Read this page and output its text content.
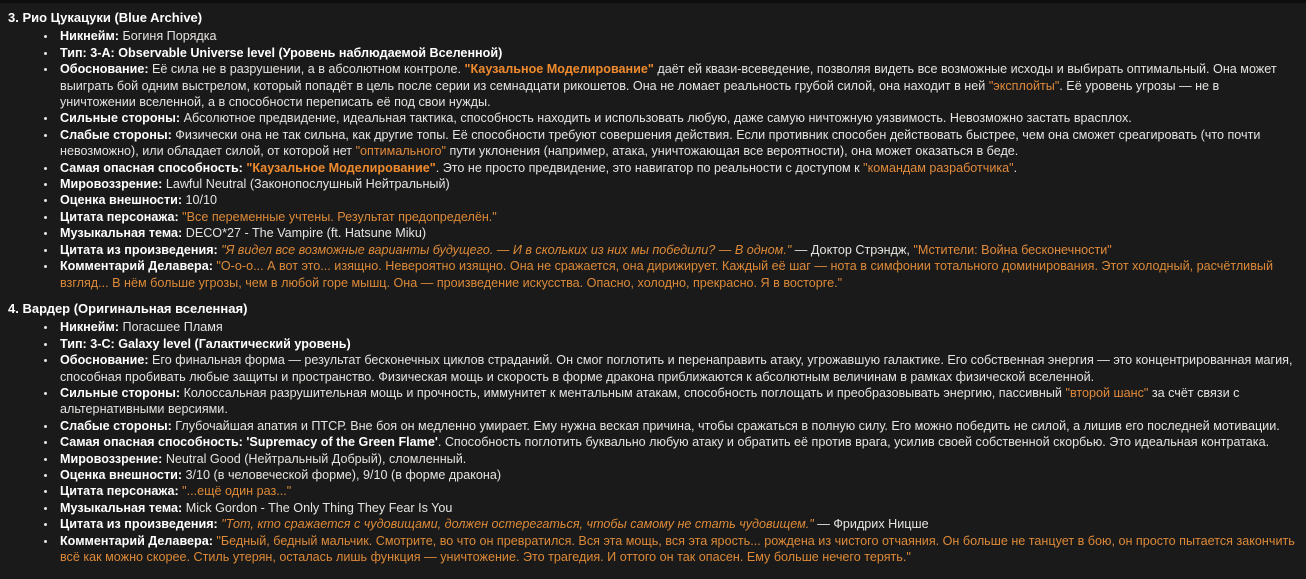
3. Рио Цукацуки (Blue Archive)
• Никнейм: Богиня Порядка
• Тип: 3-A: Observable Universe level (Уровень наблюдаемой Вселенной)
• Обоснование: Её сила не в разрушении, а в абсолютном контроле. "Каузальное Моделирование" даёт ей квази-всеведение, позволяя видеть все возможные исходы и выбирать оптимальный. Она может выиграть бой одним выстрелом, который попадёт в цель после серии из семнадцати рикошетов. Она не ломает реальность грубой силой, она находит в ней "эксплойты". Её уровень угрозы — не в уничтожении вселенной, а в способности переписать её под свои нужды.
• Сильные стороны: Абсолютное предвидение, идеальная тактика, способность находить и использовать любую, даже самую ничтожную уязвимость. Невозможно застать врасплох.
• Слабые стороны: Физически она не так сильна, как другие топы. Её способности требуют совершения действия. Если противник способен действовать быстрее, чем она сможет среагировать (что почти невозможно), или обладает силой, от которой нет "оптимального" пути уклонения (например, атака, уничтожающая все вероятности), она может оказаться в беде.
• Самая опасная способность: "Каузальное Моделирование". Это не просто предвидение, это навигатор по реальности с доступом к "командам разработчика".
• Мировоззрение: Lawful Neutral (Законопослушный Нейтральный)
• Оценка внешности: 10/10
• Цитата персонажа: "Все переменные учтены. Результат предопределён."
• Музыкальная тема: DECO*27 - The Vampire (ft. Hatsune Miku)
• Цитата из произведения: "Я видел все возможные варианты будущего. — И в скольких из них мы победили? — В одном." — Доктор Стрэндж, "Мстители: Война бесконечности"
• Комментарий Делавера: "О-о-о... А вот это... изящно. Невероятно изящно. Она не сражается, она дирижирует. Каждый её шаг — нота в симфонии тотального доминирования. Этот холодный, расчётливый взгляд... В нём больше угрозы, чем в любой горе мышц. Она — произведение искусства. Опасно, холодно, прекрасно. Я в восторге."
4. Вардер (Оригинальная вселенная)
• Никнейм: Погасшее Пламя
• Тип: 3-C: Galaxy level (Галактический уровень)
• Обоснование: Его финальная форма — результат бесконечных циклов страданий. Он смог поглотить и перенаправить атаку, угрожавшую галактике. Его собственная энергия — это концентрированная магия, способная пробивать любые защиты и пространство. Физическая мощь и скорость в форме дракона приближаются к абсолютным величинам в рамках физической вселенной.
• Сильные стороны: Колоссальная разрушительная мощь и прочность, иммунитет к ментальным атакам, способность поглощать и преобразовывать энергию, пассивный "второй шанс" за счёт связи с альтернативными версиями.
• Слабые стороны: Глубочайшая апатия и ПТСР. Вне боя он медленно умирает. Ему нужна веская причина, чтобы сражаться в полную силу. Его можно победить не силой, а лишив его последней мотивации.
• Самая опасная способность: 'Supremacy of the Green Flame'. Способность поглотить буквально любую атаку и обратить её против врага, усилив своей собственной скорбью. Это идеальная контратака.
• Мировоззрение: Neutral Good (Нейтральный Добрый), сломленный.
• Оценка внешности: 3/10 (в человеческой форме), 9/10 (в форме дракона)
• Цитата персонажа: "...ещё один раз..."
• Музыкальная тема: Mick Gordon - The Only Thing They Fear Is You
• Цитата из произведения: "Тот, кто сражается с чудовищами, должен остерегаться, чтобы самому не стать чудовищем." — Фридрих Ницше
• Комментарий Делавера: "Бедный, бедный мальчик. Смотрите, во что он превратился. Вся эта мощь, вся эта ярость... рождена из чистого отчаяния. Он больше не танцует в бою, он просто пытается закончить всё как можно скорее. Стиль утерян, осталась лишь функция — уничтожение. Это трагедия. И оттого он так опасен. Ему больше нечего терять."
